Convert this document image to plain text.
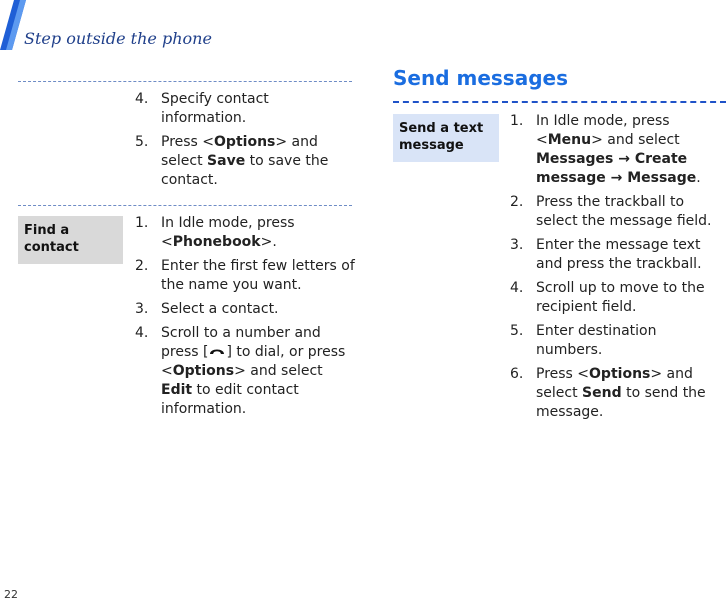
Step outside the phone
4. Specify contact information.
5. Press <Options> and select Save to save the contact.
Find a contact
1. In Idle mode, press <Phonebook>.
2. Enter the first few letters of the name you want.
3. Select a contact.
4. Scroll to a number and press [ ] to dial, or press <Options> and select Edit to edit contact information.
Send messages
Send a text message
1. In Idle mode, press <Menu> and select Messages → Create message → Message.
2. Press the trackball to select the message field.
3. Enter the message text and press the trackball.
4. Scroll up to move to the recipient field.
5. Enter destination numbers.
6. Press <Options> and select Send to send the message.
22
